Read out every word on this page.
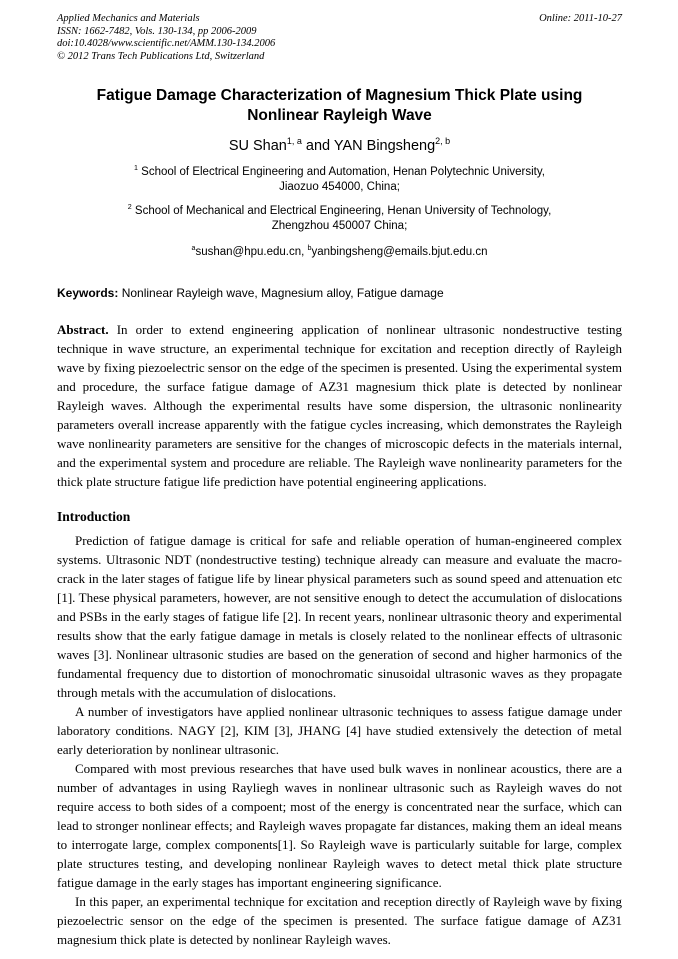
Applied Mechanics and Materials
ISSN: 1662-7482, Vols. 130-134, pp 2006-2009
doi:10.4028/www.scientific.net/AMM.130-134.2006
© 2012 Trans Tech Publications Ltd, Switzerland
Online: 2011-10-27
Fatigue Damage Characterization of Magnesium Thick Plate using
Nonlinear Rayleigh Wave
SU Shan$^{1, a}$ and YAN Bingsheng$^{2, b}$
$^1$ School of Electrical Engineering and Automation, Henan Polytechnic University,
Jiaozuo 454000, China;
$^2$ School of Mechanical and Electrical Engineering, Henan University of Technology,
Zhengzhou 450007 China;
$^a$sushan@hpu.edu.cn, $^b$yanbingsheng@emails.bjut.edu.cn
Keywords: Nonlinear Rayleigh wave, Magnesium alloy, Fatigue damage

Abstract. In order to extend engineering application of nonlinear ultrasonic nondestructive testing technique in wave structure, an experimental technique for excitation and reception directly of Rayleigh wave by fixing piezoelectric sensor on the edge of the specimen is presented. Using the experimental system and procedure, the surface fatigue damage of AZ31 magnesium thick plate is detected by nonlinear Rayleigh waves. Although the experimental results have some dispersion, the ultrasonic nonlinearity parameters overall increase apparently with the fatigue cycles increasing, which demonstrates the Rayleigh wave nonlinearity parameters are sensitive for the changes of microscopic defects in the materials internal, and the experimental system and procedure are reliable. The Rayleigh wave nonlinearity parameters for the thick plate structure fatigue life prediction have potential engineering applications.

Introduction

Prediction of fatigue damage is critical for safe and reliable operation of human-engineered complex systems. Ultrasonic NDT (nondestructive testing) technique already can measure and evaluate the macro-crack in the later stages of fatigue life by linear physical parameters such as sound speed and attenuation etc [1]. These physical parameters, however, are not sensitive enough to detect the accumulation of dislocations and PSBs in the early stages of fatigue life [2]. In recent years, nonlinear ultrasonic theory and experimental results show that the early fatigue damage in metals is closely related to the nonlinear effects of ultrasonic waves [3]. Nonlinear ultrasonic studies are based on the generation of second and higher harmonics of the fundamental frequency due to distortion of monochromatic sinusoidal ultrasonic waves as they propagate through metals with the accumulation of dislocations.

A number of investigators have applied nonlinear ultrasonic techniques to assess fatigue damage under laboratory conditions. NAGY [2], KIM [3], JHANG [4] have studied extensively the detection of metal early deterioration by nonlinear ultrasonic.

Compared with most previous researches that have used bulk waves in nonlinear acoustics, there are a number of advantages in using Rayliegh waves in nonlinear ultrasonic such as Rayleigh waves do not require access to both sides of a compoent; most of the energy is concentrated near the surface, which can lead to stronger nonlinear effects; and Rayleigh waves propagate far distances, making them an ideal means to interrogate large, complex components[1]. So Rayleigh wave is particularly suitable for large, complex plate structures testing, and developing nonlinear Rayleigh waves to detect metal thick plate structure fatigue damage in the early stages has important engineering significance.

In this paper, an experimental technique for excitation and reception directly of Rayleigh wave by fixing piezoelectric sensor on the edge of the specimen is presented. The surface fatigue damage of AZ31 magnesium thick plate is detected by nonlinear Rayleigh waves.
